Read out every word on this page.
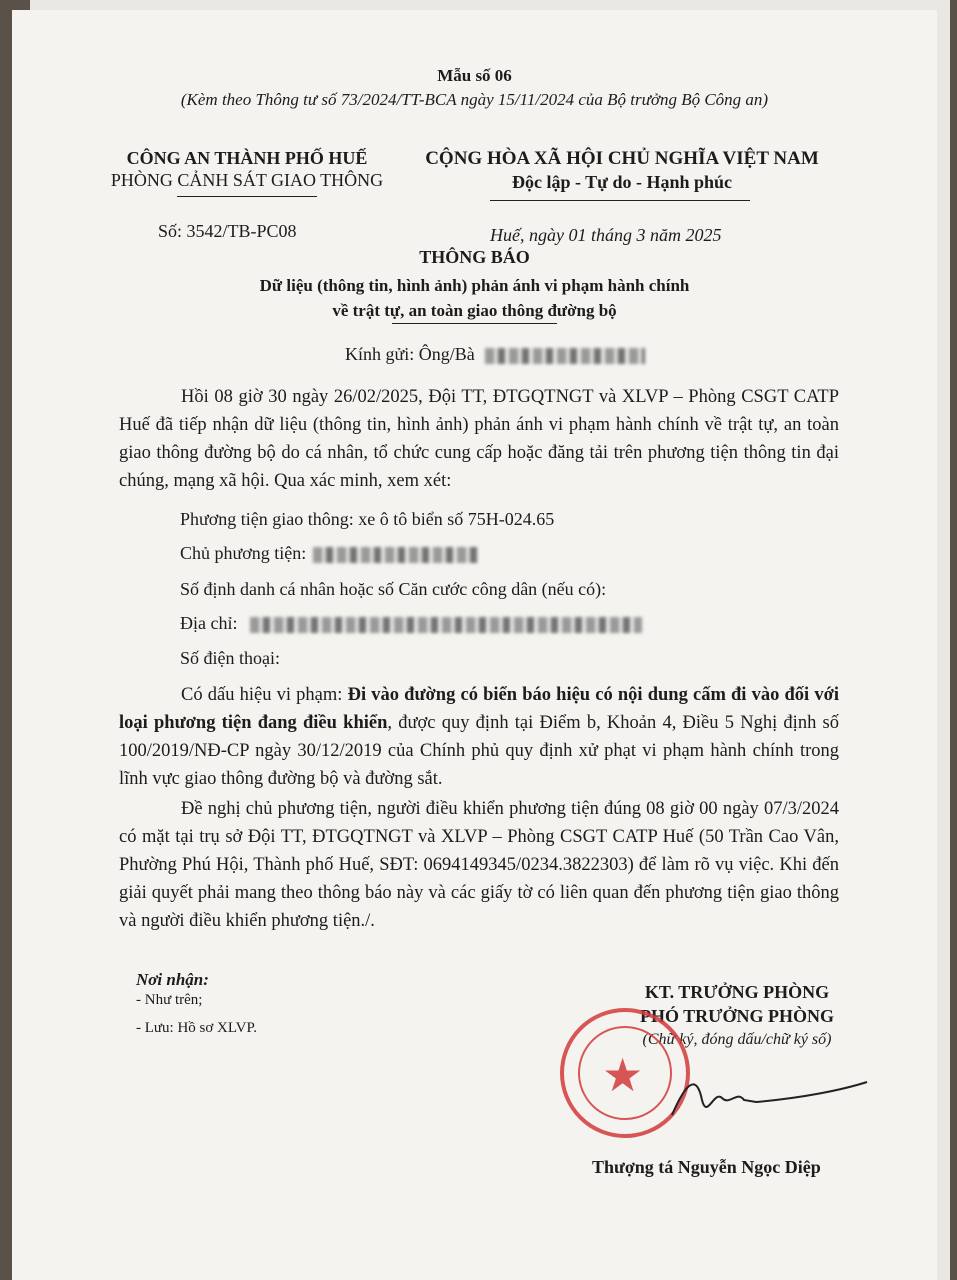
Mẫu số 06
(Kèm theo Thông tư số 73/2024/TT-BCA ngày 15/11/2024 của Bộ trưởng Bộ Công an)
CÔNG AN THÀNH PHỐ HUẾ
PHÒNG CẢNH SÁT GIAO THÔNG
Số: 3542/TB-PC08
CỘNG HÒA XÃ HỘI CHỦ NGHĨA VIỆT NAM
Độc lập - Tự do - Hạnh phúc
Huế, ngày 01 tháng 3 năm 2025
THÔNG BÁO
Dữ liệu (thông tin, hình ảnh) phản ánh vi phạm hành chính
về trật tự, an toàn giao thông đường bộ
Kính gửi: Ông/Bà
Hồi 08 giờ 30 ngày 26/02/2025, Đội TT, ĐTGQTNGT và XLVP – Phòng CSGT CATP Huế đã tiếp nhận dữ liệu (thông tin, hình ảnh) phản ánh vi phạm hành chính về trật tự, an toàn giao thông đường bộ do cá nhân, tổ chức cung cấp hoặc đăng tải trên phương tiện thông tin đại chúng, mạng xã hội. Qua xác minh, xem xét:
Phương tiện giao thông: xe ô tô biển số 75H-024.65
Chủ phương tiện:
Số định danh cá nhân hoặc số Căn cước công dân (nếu có):
Địa chỉ:
Số điện thoại:
Có dấu hiệu vi phạm: Đi vào đường có biển báo hiệu có nội dung cấm đi vào đối với loại phương tiện đang điều khiển, được quy định tại Điểm b, Khoản 4, Điều 5 Nghị định số 100/2019/NĐ-CP ngày 30/12/2019 của Chính phủ quy định xử phạt vi phạm hành chính trong lĩnh vực giao thông đường bộ và đường sắt.
Đề nghị chủ phương tiện, người điều khiển phương tiện đúng 08 giờ 00 ngày 07/3/2024 có mặt tại trụ sở Đội TT, ĐTGQTNGT và XLVP – Phòng CSGT CATP Huế (50 Trần Cao Vân, Phường Phú Hội, Thành phố Huế, SĐT: 0694149345/0234.3822303) để làm rõ vụ việc. Khi đến giải quyết phải mang theo thông báo này và các giấy tờ có liên quan đến phương tiện giao thông và người điều khiển phương tiện./.
Nơi nhận:
- Như trên;
- Lưu: Hồ sơ XLVP.
KT. TRƯỞNG PHÒNG
PHÓ TRƯỞNG PHÒNG
(Chữ ký, đóng dấu/chữ ký số)
★
Thượng tá Nguyễn Ngọc Diệp
